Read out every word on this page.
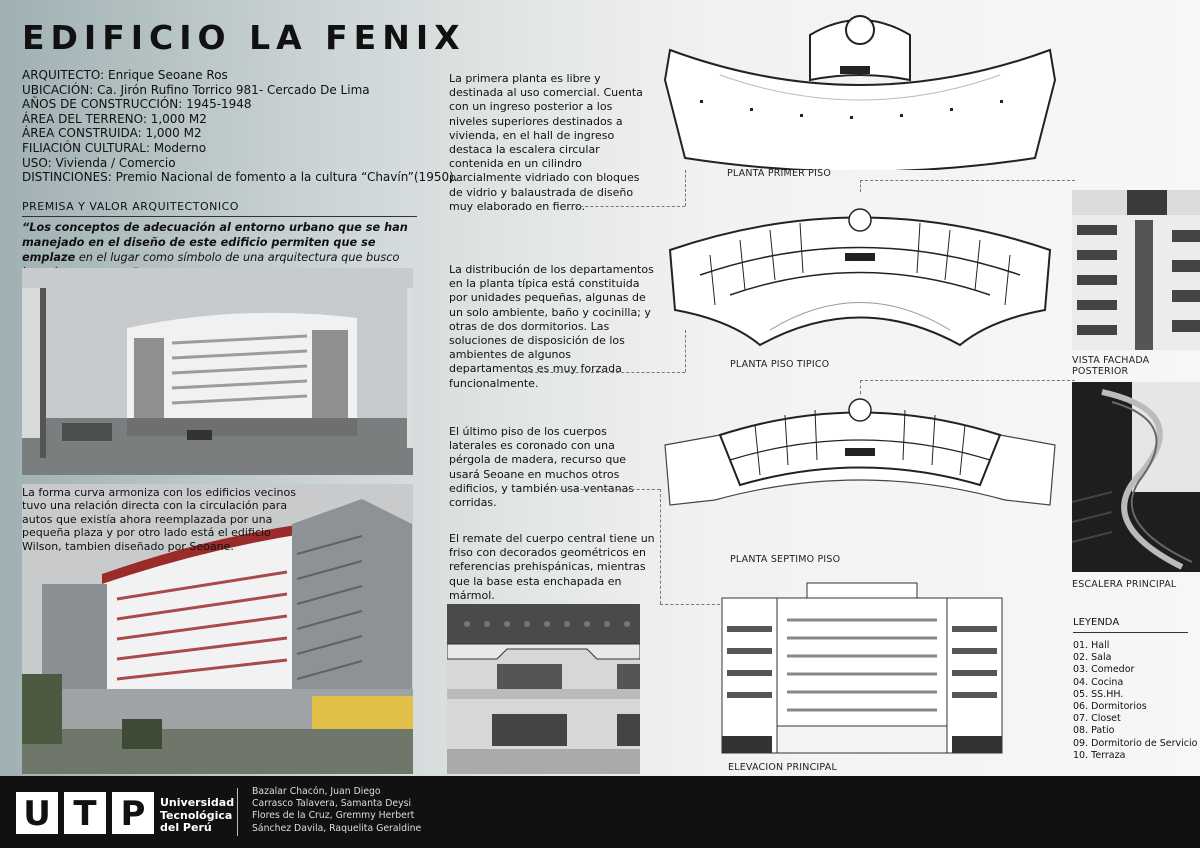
EDIFICIO LA FENIX
ARQUITECTO: Enrique Seoane Ros
UBICACIÓN: Ca. Jirón Rufino Torrico 981- Cercado De Lima
AÑOS DE CONSTRUCCIÓN: 1945-1948
ÁREA DEL TERRENO: 1,000 M2
ÁREA CONSTRUIDA: 1,000 M2
FILIACIÓN CULTURAL: Moderno
USO: Vivienda / Comercio
DISTINCIONES: Premio Nacional de fomento a la cultura “Chavín”(1950).
PREMISA Y VALOR ARQUITECTONICO
“Los conceptos de adecuación al entorno urbano que se han manejado en el diseño de este edificio permiten que se emplaze en el lugar como símbolo de una arquitectura que busco
La forma curva armoniza con los edificios vecinos tuvo una relación directa con la circulación para autos que existía ahora reemplazada por una pequeña plaza y por otro lado está el edificio Wilson, tambien diseñado por Seoane.
La primera planta es libre y destinada al uso comercial. Cuenta con un ingreso posterior a los niveles superiores destinados a vivienda, en el hall de ingreso destaca la escalera circular contenida en un cilindro parcialmente vidriado con bloques de vidrio y balaustrada de diseño muy elaborado en fierro.
La distribución de los departamentos en la planta típica está constituida por unidades pequeñas, algunas de un solo ambiente, baño y cocinilla; y otras de dos dormitorios. Las soluciones de disposición de los ambientes de algunos departamentos es muy forzada funcionalmente.
El último piso de los cuerpos laterales es coronado con una pérgola de madera, recurso que usará Seoane en muchos otros edificios, y también usa ventanas corridas.
El remate del cuerpo central tiene un friso con decorados geométricos en referencias prehispánicas, mientras que la base esta enchapada en mármol.
PLANTA PRIMER PISO
PLANTA PISO TIPICO
PLANTA SEPTIMO PISO
ELEVACION PRINCIPAL
VISTA FACHADA POSTERIOR
ESCALERA PRINCIPAL
LEYENDA
01. Hall
02. Sala
03. Comedor
04. Cocina
05. SS.HH.
06. Dormitorios
07. Closet
08. Patio
09. Dormitorio de Servicio
10. Terraza
U T P	Universidad
Tecnológica
del Perú
Bazalar Chacón, Juan Diego
Carrasco Talavera, Samanta Deysi
Flores de la Cruz, Gremmy Herbert
Sánchez Davila, Raquelita Geraldine
